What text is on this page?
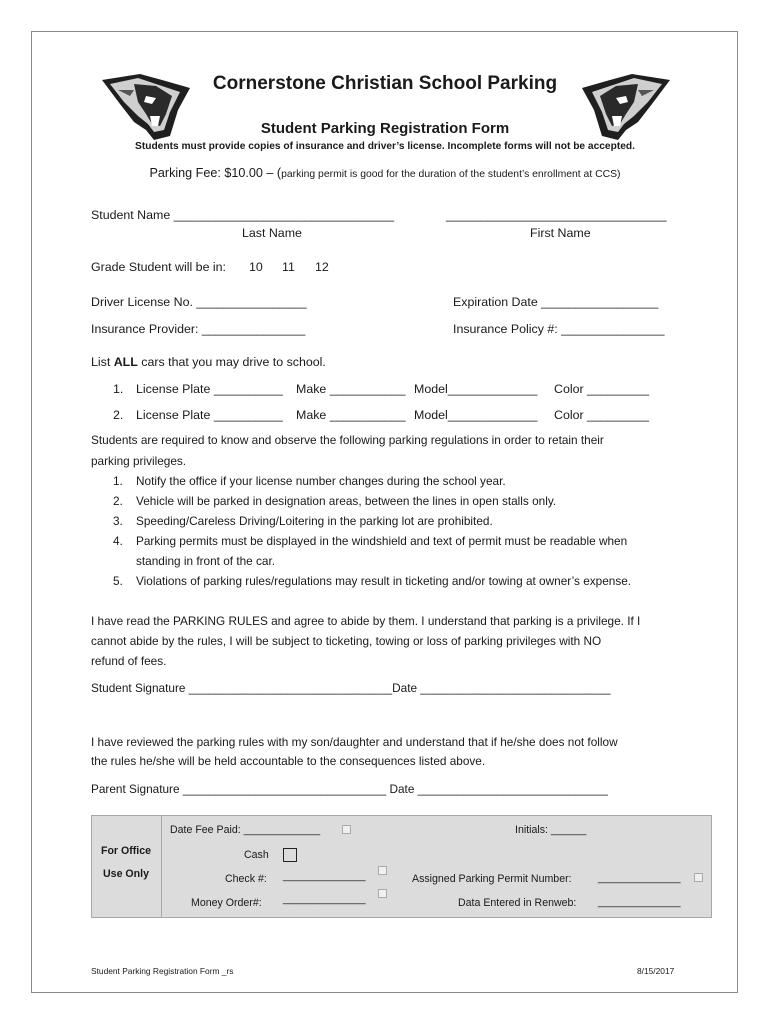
Cornerstone Christian School Parking
Student Parking Registration Form
Students must provide copies of insurance and driver’s license. Incomplete forms will not be accepted.
Parking Fee: $10.00 – (parking permit is good for the duration of the student’s enrollment at CCS)
Student Name ________________________________	________________________________
Last Name	First Name
Grade Student will be in: 10 11 12
Driver License No. ________________	Expiration Date _________________
Insurance Provider: _______________	Insurance Policy #: _______________
List ALL cars that you may drive to school.
1. License Plate __________ Make ___________ Model_____________ Color _________
2. License Plate __________ Make ___________ Model_____________ Color _________
Students are required to know and observe the following parking regulations in order to retain their
parking privileges.
1. Notify the office if your license number changes during the school year.
2. Vehicle will be parked in designation areas, between the lines in open stalls only.
3. Speeding/Careless Driving/Loitering in the parking lot are prohibited.
4. Parking permits must be displayed in the windshield and text of permit must be readable when
standing in front of the car.
5. Violations of parking rules/regulations may result in ticketing and/or towing at owner’s expense.
I have read the PARKING RULES and agree to abide by them. I understand that parking is a privilege. If I
cannot abide by the rules, I will be subject to ticketing, towing or loss of parking privileges with NO
refund of fees.
Student Signature _______________________________Date _____________________________
I have reviewed the parking rules with my son/daughter and understand that if he/she does not follow
the rules he/she will be held accountable to the consequences listed above.
Parent Signature _______________________________ Date _____________________________
For Office
Use Only
Date Fee Paid: _____________	Initials: ______
Cash
Check #: ______________	Assigned Parking Permit Number: ______________
Money Order#: ______________	Data Entered in Renweb: ______________
Student Parking Registration Form _rs	8/15/2017
